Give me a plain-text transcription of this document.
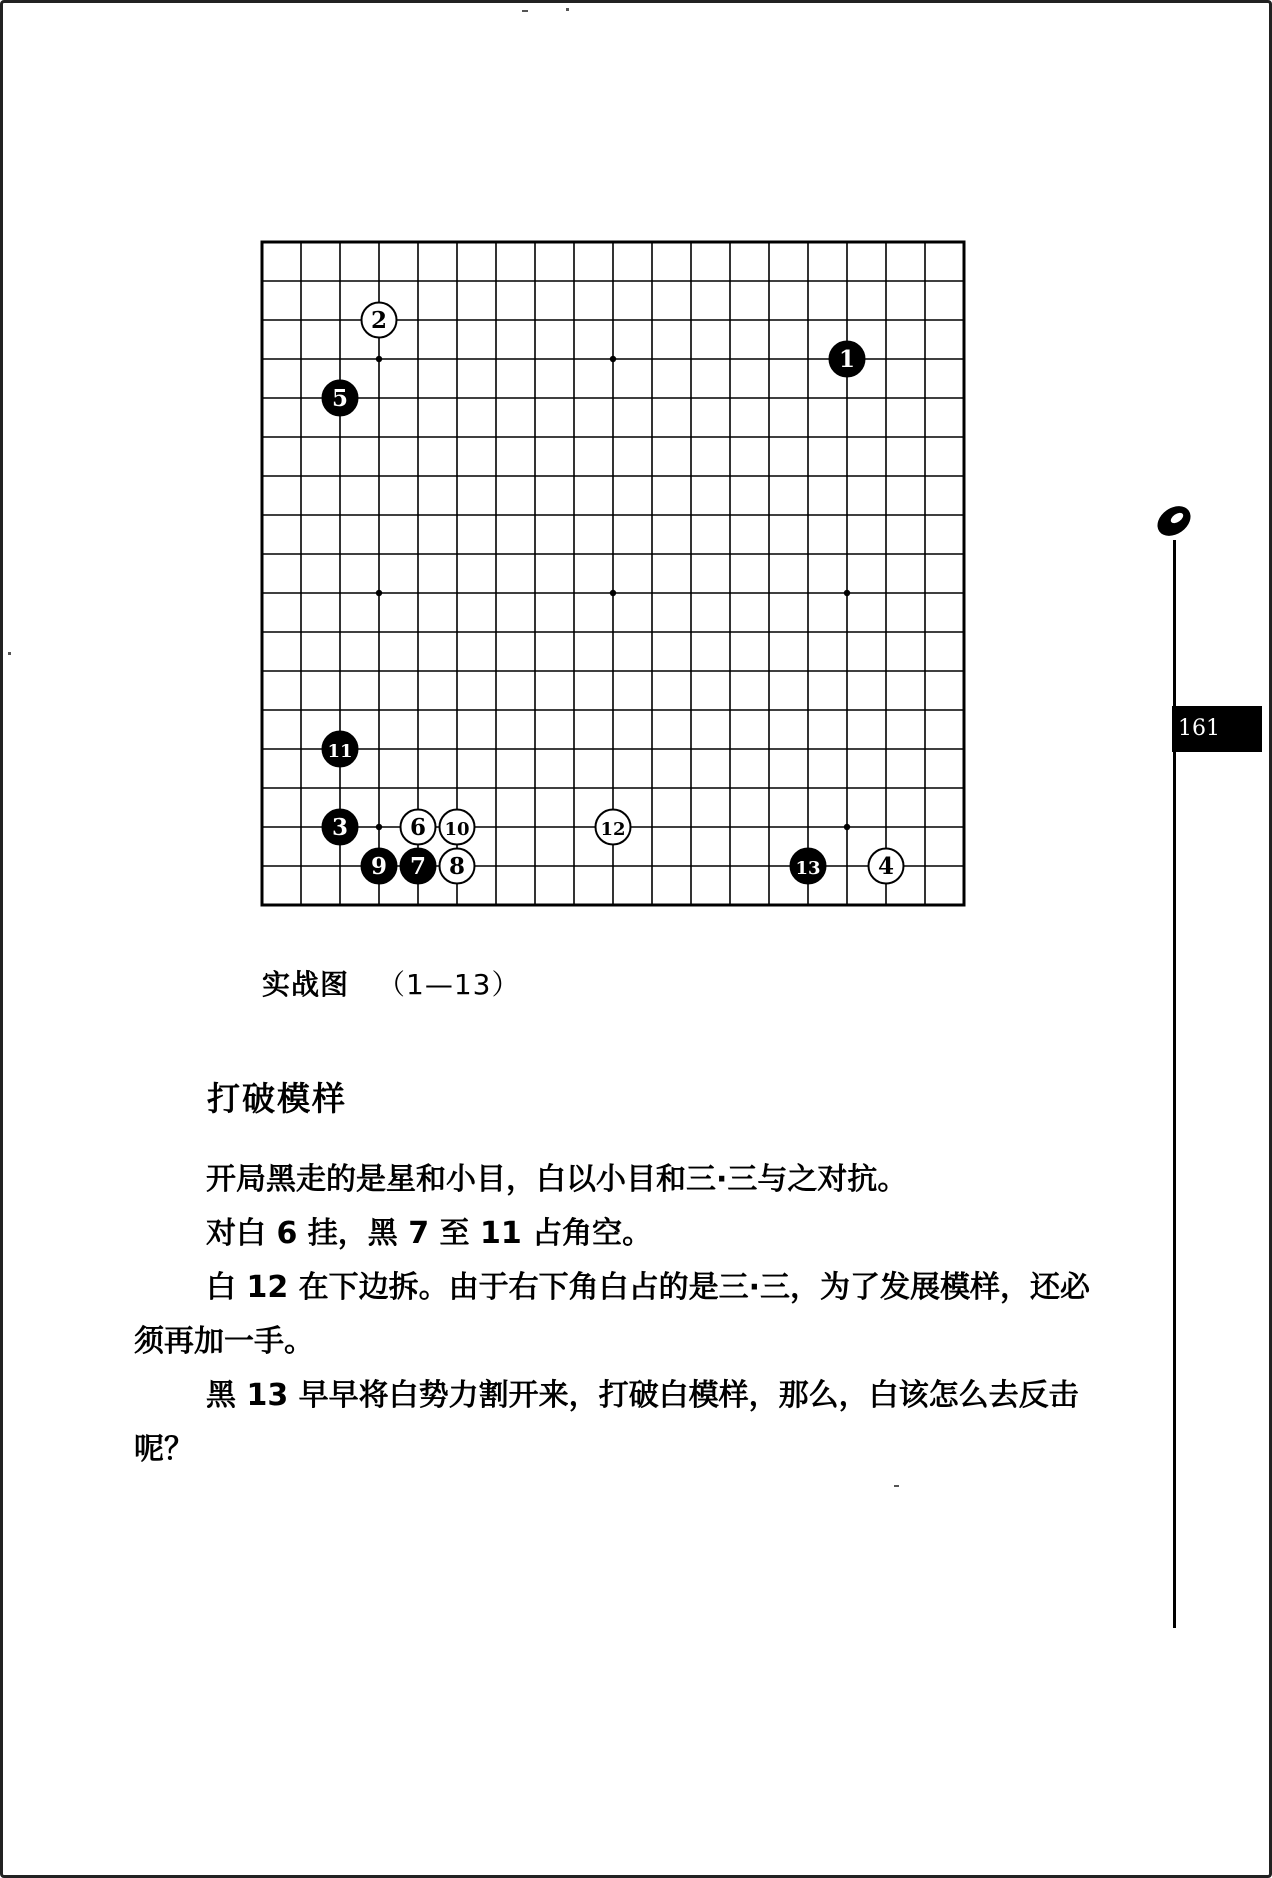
1
2
3
4
5
6
7 8
9
10
11
12
13
实战图 （1—13）
打破模样

开局黑走的是星和小目，白以小目和三·三与之对抗。

对白 6 挂，黑 7 至 11 占角空。

白 12 在下边拆。由于右下角白占的是三·三，为了发展模样，还必须再加一手。

黑 13 早早将白势力割开来，打破白模样，那么，白该怎么去反击呢？

161
